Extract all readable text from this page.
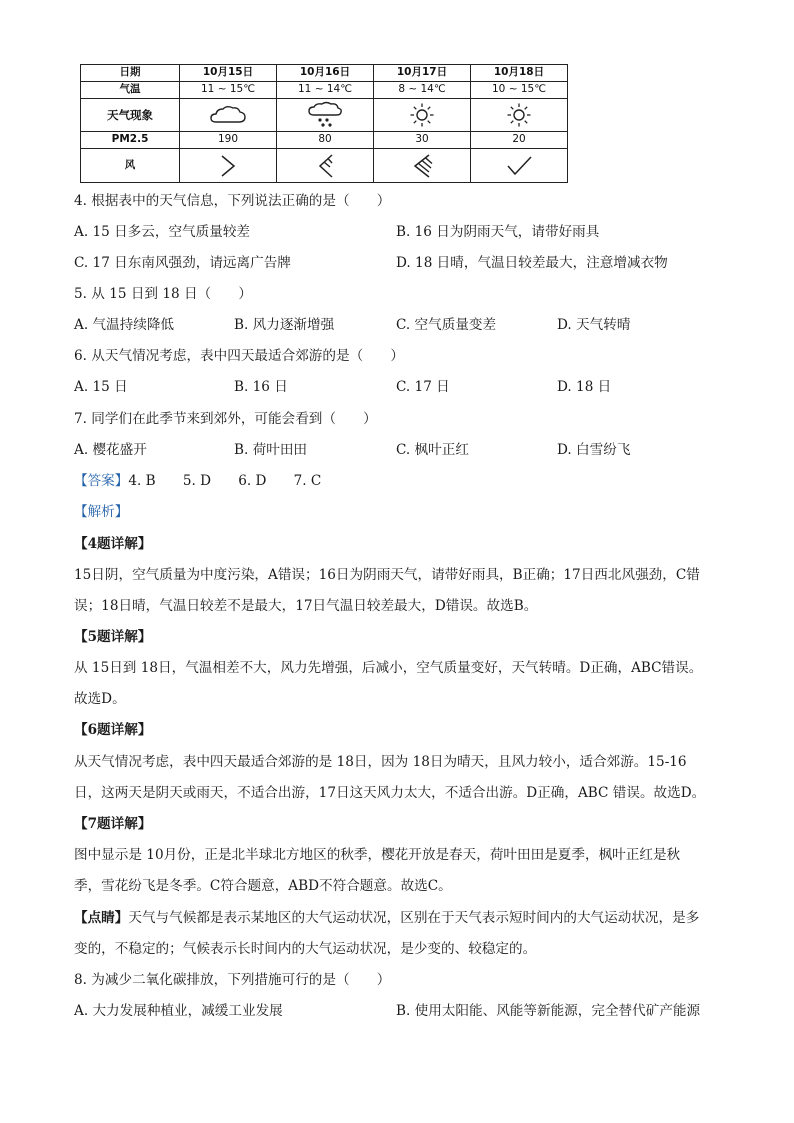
日期	10月15日	10月16日	10月17日	10月18日
气温	11 ~ 15℃	11 ~ 14℃	8 ~ 14℃	10 ~ 15℃
天气现象	

PM2.5	190	80	30	20
风	

4. 根据表中的天气信息，下列说法正确的是（　　）
A. 15 日多云，空气质量较差	B. 16 日为阴雨天气，请带好雨具
C. 17 日东南风强劲，请远离广告牌	D. 18 日晴，气温日较差最大，注意增减衣物
5. 从 15 日到 18 日（　　）
A. 气温持续降低	B. 风力逐渐增强	C. 空气质量变差	D. 天气转晴
6. 从天气情况考虑，表中四天最适合郊游的是（　　）
A. 15 日	B. 16 日	C. 17 日	D. 18 日
7. 同学们在此季节来到郊外，可能会看到（　　）
A. 樱花盛开	B. 荷叶田田	C. 枫叶正红	D. 白雪纷飞
【答案】4. B　　5. D　　6. D　　7. C
【解析】
【4题详解】
15日阴，空气质量为中度污染，A错误；16日为阴雨天气，请带好雨具，B正确；17日西北风强劲，C错
误；18日晴，气温日较差不是最大，17日气温日较差最大，D错误。故选B。
【5题详解】
从 15日到 18日，气温相差不大，风力先增强，后减小，空气质量变好，天气转晴。D正确，ABC错误。
故选D。
【6题详解】
从天气情况考虑，表中四天最适合郊游的是 18日，因为 18日为晴天，且风力较小，适合郊游。15-16
日，这两天是阴天或雨天，不适合出游，17日这天风力太大，不适合出游。D正确，ABC 错误。故选D。
【7题详解】
图中显示是 10月份，正是北半球北方地区的秋季，樱花开放是春天，荷叶田田是夏季，枫叶正红是秋
季，雪花纷飞是冬季。C符合题意，ABD不符合题意。故选C。
【点睛】天气与气候都是表示某地区的大气运动状况，区别在于天气表示短时间内的大气运动状况，是多
变的，不稳定的；气候表示长时间内的大气运动状况，是少变的、较稳定的。
8. 为减少二氧化碳排放，下列措施可行的是（　　）
A. 大力发展种植业，减缓工业发展	B. 使用太阳能、风能等新能源，完全替代矿产能源
